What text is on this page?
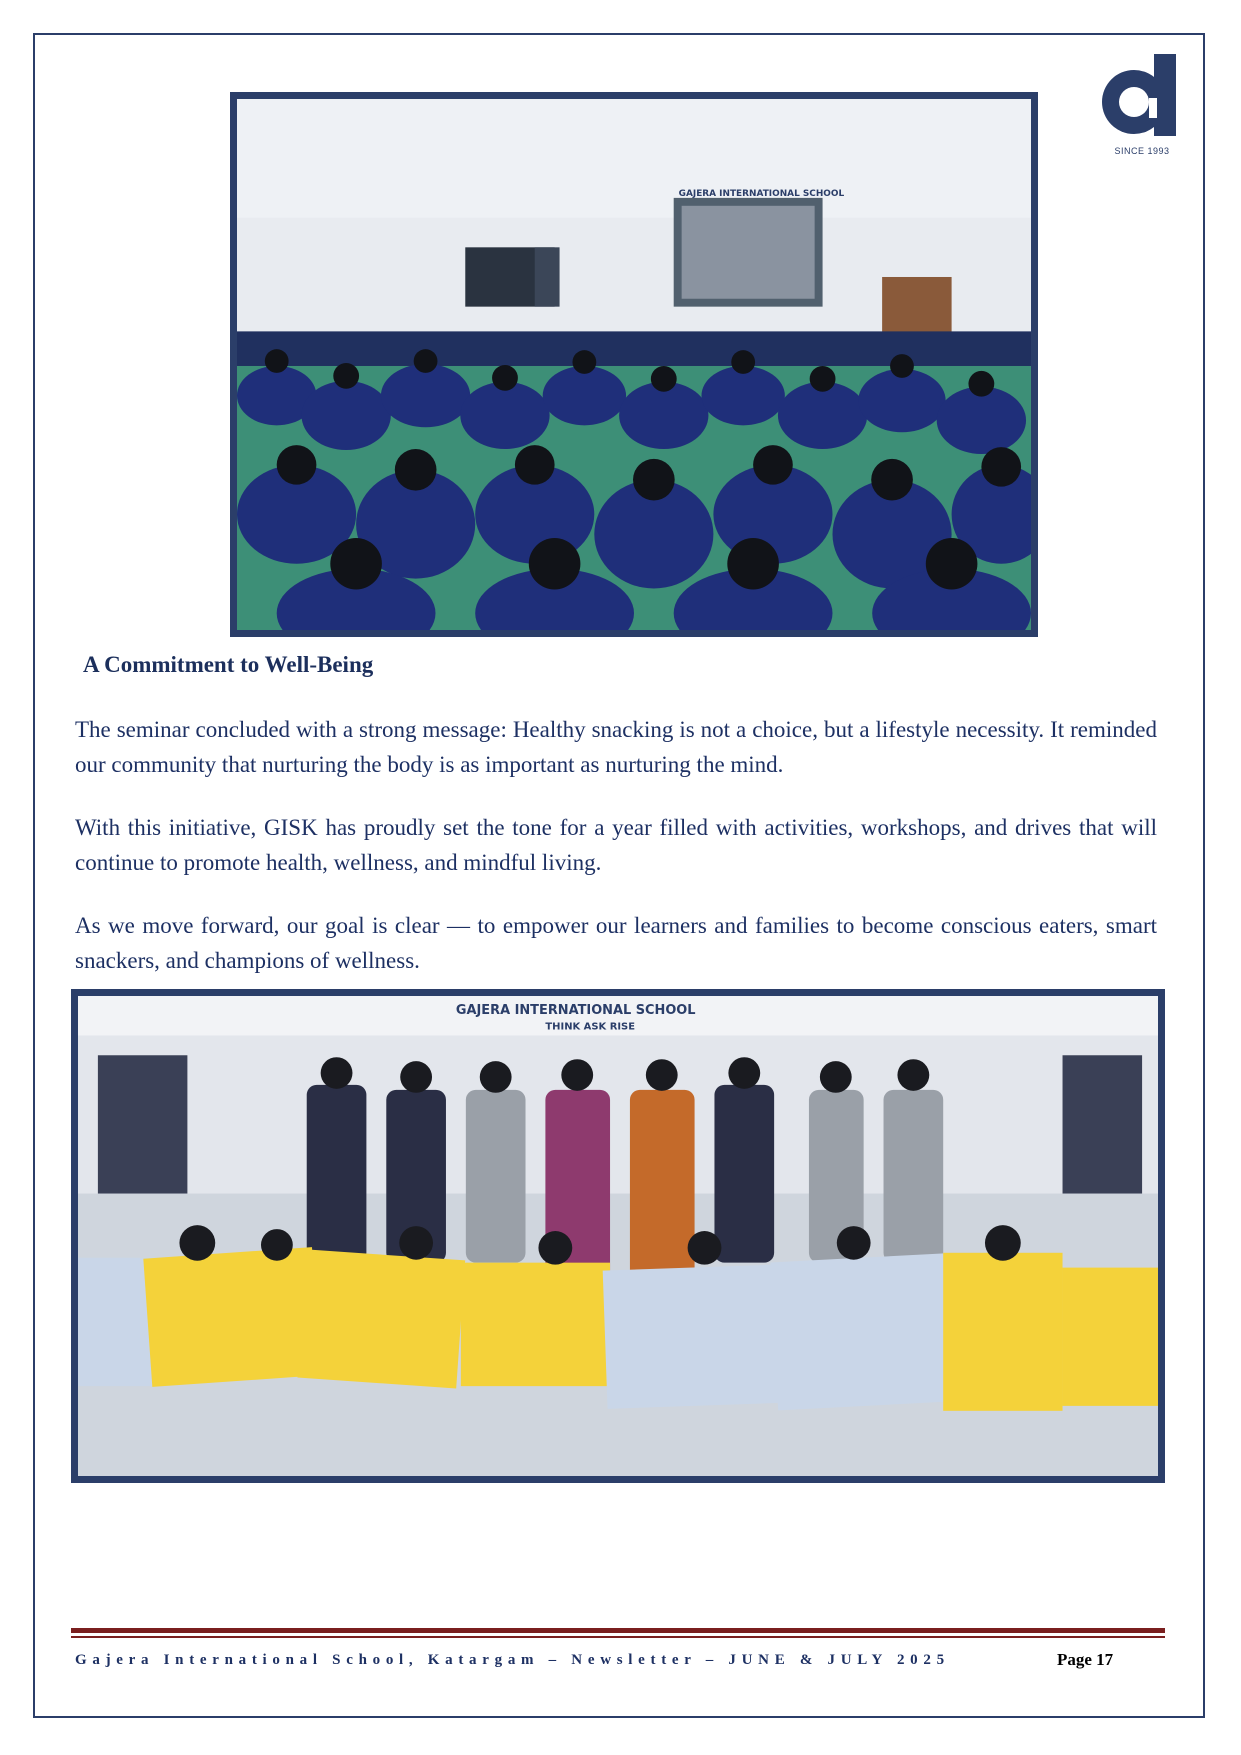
SINCE 1993
GAJERA INTERNATIONAL SCHOOL
A Commitment to Well-Being

The seminar concluded with a strong message: Healthy snacking is not a choice, but a lifestyle necessity. It reminded our community that nurturing the body is as important as nurturing the mind.

With this initiative, GISK has proudly set the tone for a year filled with activities, workshops, and drives that will continue to promote health, wellness, and mindful living.

As we move forward, our goal is clear — to empower our learners and families to become conscious eaters, smart snackers, and champions of wellness.

GAJERA INTERNATIONAL SCHOOL
THINK ASK RISE
Gajera International School, Katargam – Newsletter – JUNE & JULY 2025	Page 17
